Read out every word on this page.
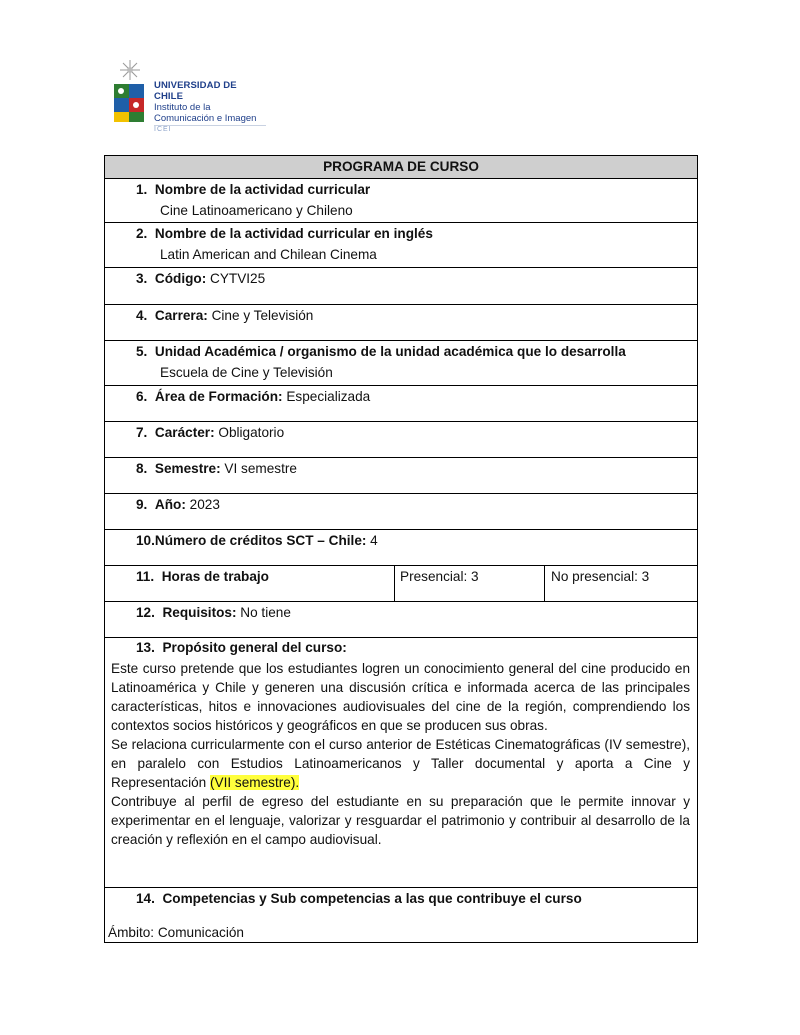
UNIVERSIDAD DE CHILE
Instituto de la
Comunicación e Imagen
ICEI
PROGRAMA DE CURSO
1. Nombre de la actividad curricular
Cine Latinoamericano y Chileno
2. Nombre de la actividad curricular en inglés
Latin American and Chilean Cinema
3. Código: CYTVI25
4. Carrera: Cine y Televisión
5. Unidad Académica / organismo de la unidad académica que lo desarrolla
Escuela de Cine y Televisión
6. Área de Formación: Especializada
7. Carácter: Obligatorio
8. Semestre: VI semestre
9. Año: 2023
10.Número de créditos SCT – Chile: 4
11. Horas de trabajo	Presencial: 3	No presencial: 3
12. Requisitos: No tiene
13. Propósito general del curso:

Este curso pretende que los estudiantes logren un conocimiento general del cine producido en Latinoamérica y Chile y generen una discusión crítica e informada acerca de las principales características, hitos e innovaciones audiovisuales del cine de la región, comprendiendo los contextos socios históricos y geográficos en que se producen sus obras.

Se relaciona curricularmente con el curso anterior de Estéticas Cinematográficas (IV semestre), en paralelo con Estudios Latinoamericanos y Taller documental y aporta a Cine y Representación (VII semestre).

Contribuye al perfil de egreso del estudiante en su preparación que le permite innovar y experimentar en el lenguaje, valorizar y resguardar el patrimonio y contribuir al desarrollo de la creación y reflexión en el campo audiovisual.

14. Competencias y Sub competencias a las que contribuye el curso
Ámbito: Comunicación
